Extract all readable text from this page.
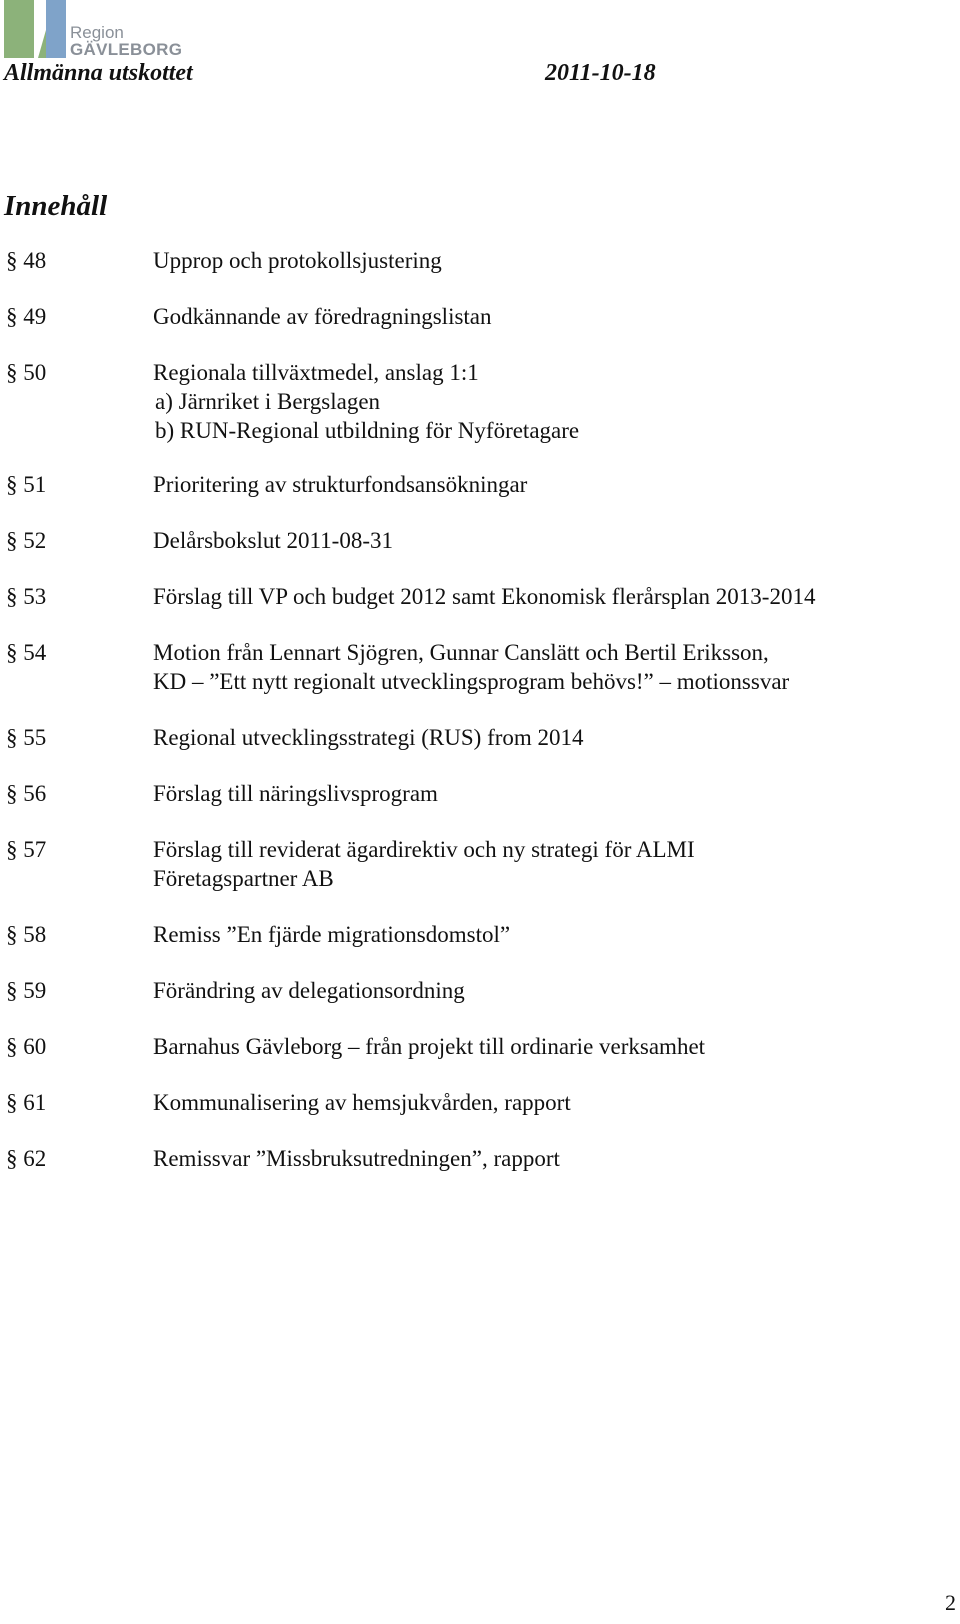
Region
GÄVLEBORG
Allmänna utskottet	2011-10-18
Innehåll
§ 48	Upprop och protokollsjustering
§ 49	Godkännande av föredragningslistan
§ 50	Regionala tillväxtmedel, anslag 1:1
a) Järnriket i Bergslagen
b) RUN-Regional utbildning för Nyföretagare
§ 51	Prioritering av strukturfondsansökningar
§ 52	Delårsbokslut 2011-08-31
§ 53	Förslag till VP och budget 2012 samt Ekonomisk flerårsplan 2013-2014
§ 54	Motion från Lennart Sjögren, Gunnar Canslätt och Bertil Eriksson,
KD – ”Ett nytt regionalt utvecklingsprogram behövs!” – motionssvar
§ 55	Regional utvecklingsstrategi (RUS) from 2014
§ 56	Förslag till näringslivsprogram
§ 57	Förslag till reviderat ägardirektiv och ny strategi för ALMI
Företagspartner AB
§ 58	Remiss ”En fjärde migrationsdomstol”
§ 59	Förändring av delegationsordning
§ 60	Barnahus Gävleborg – från projekt till ordinarie verksamhet
§ 61	Kommunalisering av hemsjukvården, rapport
§ 62	Remissvar ”Missbruksutredningen”, rapport
2
